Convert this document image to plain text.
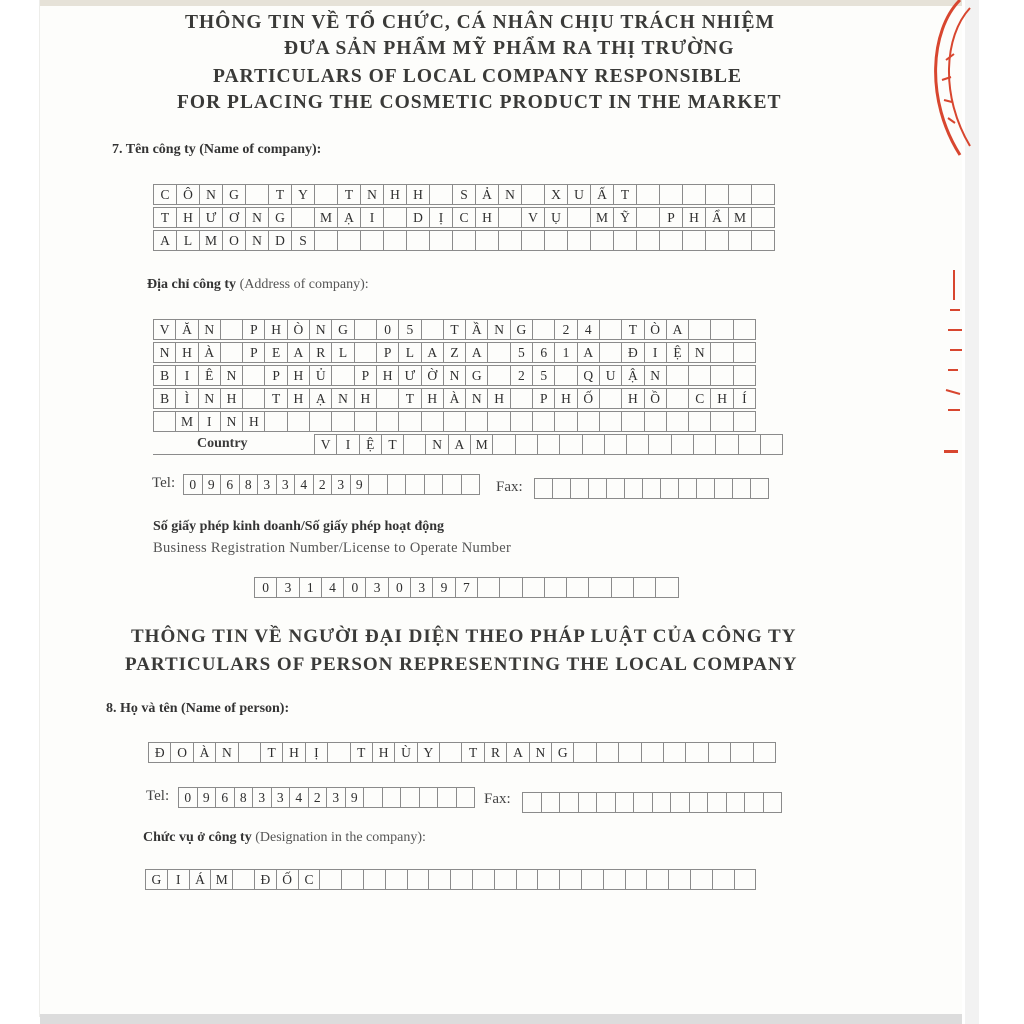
THÔNG TIN VỀ TỔ CHỨC, CÁ NHÂN CHỊU TRÁCH NHIỆM
ĐƯA SẢN PHẨM MỸ PHẨM RA THỊ TRƯỜNG
PARTICULARS OF LOCAL COMPANY RESPONSIBLE
FOR PLACING THE COSMETIC PRODUCT IN THE MARKET
7. Tên công ty (Name of company):
C	Ô N G	T	Y	T	N H H	S	Ả N	X U Ấ	T
T	H Ư Ơ N G	M Ạ	I	D	Ị	C	H	V Ụ	M Ỹ	P	H Ẩ M
A	L M O N D	S
Địa chỉ công ty (Address of company):
V Ă N	P	H Ò N G	0	5	T Ầ N G	2	4	T Ò A
N H À	P	E A R	L	P	L A Z A	5	6	1	A	Đ	I	Ệ N
B	I	Ê N	P	H Ủ	P	H Ư Ờ N G	2	5	Q U Ậ N
B	Ì	N H	T H Ạ N H	T H À N H	P	H Ố	H Ồ	C H	Í
M	I	N H
Country	V	I	Ệ	T	N A M
Tel:	0 9 6 8 3 3 4 2 3 9	Fax:
Số giấy phép kinh doanh/Số giấy phép hoạt động
Business Registration Number/License to Operate Number
0	3	1	4	0	3	0	3	9	7
THÔNG TIN VỀ NGƯỜI ĐẠI DIỆN THEO PHÁP LUẬT CỦA CÔNG TY
PARTICULARS OF PERSON REPRESENTING THE LOCAL COMPANY
8. Họ và tên (Name of person):
Đ O À N	T H	Ị	T H Ù Y	T	R A N G
Tel:	0 9 6 8 3 3 4 2 3 9	Fax:
Chức vụ ở công ty (Designation in the company):
G	I	Á M	Đ Ố C
